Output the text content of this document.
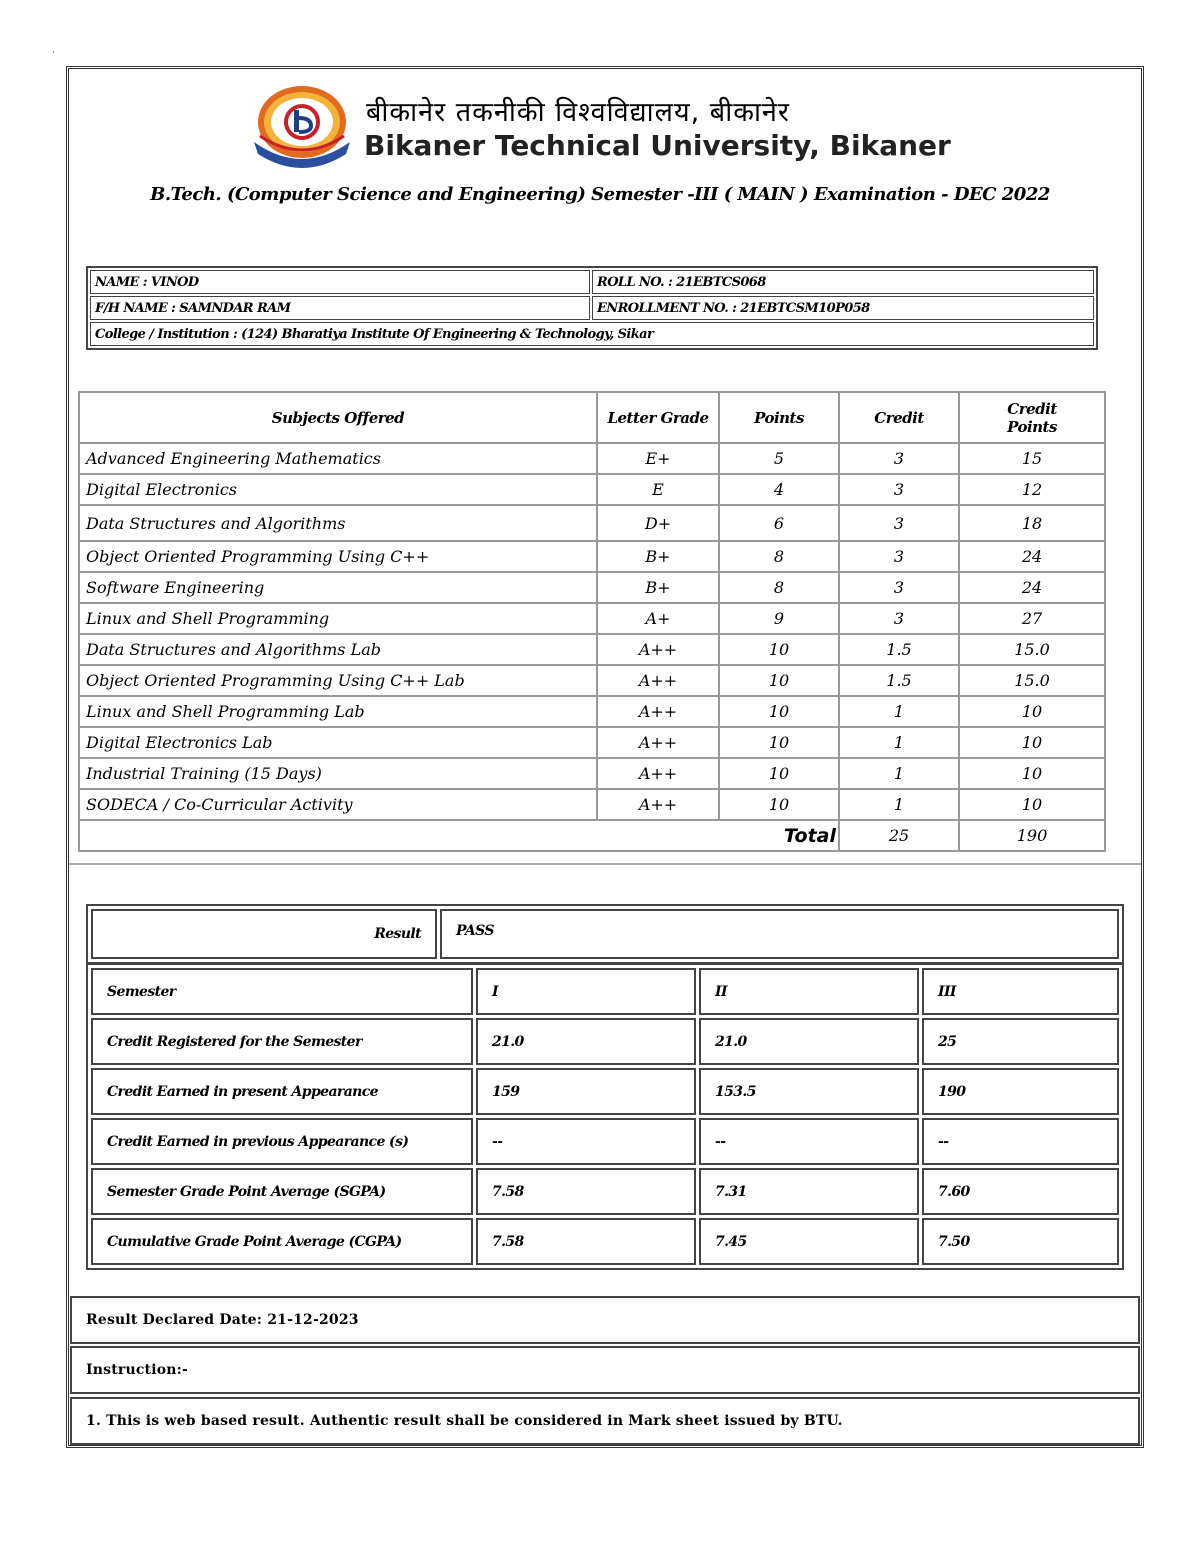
·
बीकानेर तकनीकी विश्वविद्यालय, बीकानेर
Bikaner Technical University, Bikaner
B.Tech. (Computer Science and Engineering) Semester -III ( MAIN ) Examination - DEC 2022
NAME : VINOD	ROLL NO. : 21EBTCS068
F/H NAME : SAMNDAR RAM	ENROLLMENT NO. : 21EBTCSM10P058
College / Institution : (124) Bharatiya Institute Of Engineering & Technology, Sikar	
Subjects Offered	Letter Grade	Points	Credit	Credit Points
Advanced Engineering Mathematics	E+	5	3	15
Digital Electronics	E	4	3	12
Data Structures and Algorithms	D+	6	3	18
Object Oriented Programming Using C++	B+	8	3	24
Software Engineering	B+	8	3	24
Linux and Shell Programming	A+	9	3	27
Data Structures and Algorithms Lab	A++	10	1.5	15.0
Object Oriented Programming Using C++ Lab	A++	10	1.5	15.0
Linux and Shell Programming Lab	A++	10	1	10
Digital Electronics Lab	A++	10	1	10
Industrial Training (15 Days)	A++	10	1	10
SODECA / Co-Curricular Activity	A++	10	1	10
Total			25	190
Result	PASS
Semester	I	II	III
Credit Registered for the Semester	21.0	21.0	25
Credit Earned in present Appearance	159	153.5	190
Credit Earned in previous Appearance (s)	--	--	--
Semester Grade Point Average (SGPA)	7.58	7.31	7.60
Cumulative Grade Point Average (CGPA)	7.58	7.45	7.50
Result Declared Date: 21-12-2023
Instruction:-
1. This is web based result. Authentic result shall be considered in Mark sheet issued by BTU.
